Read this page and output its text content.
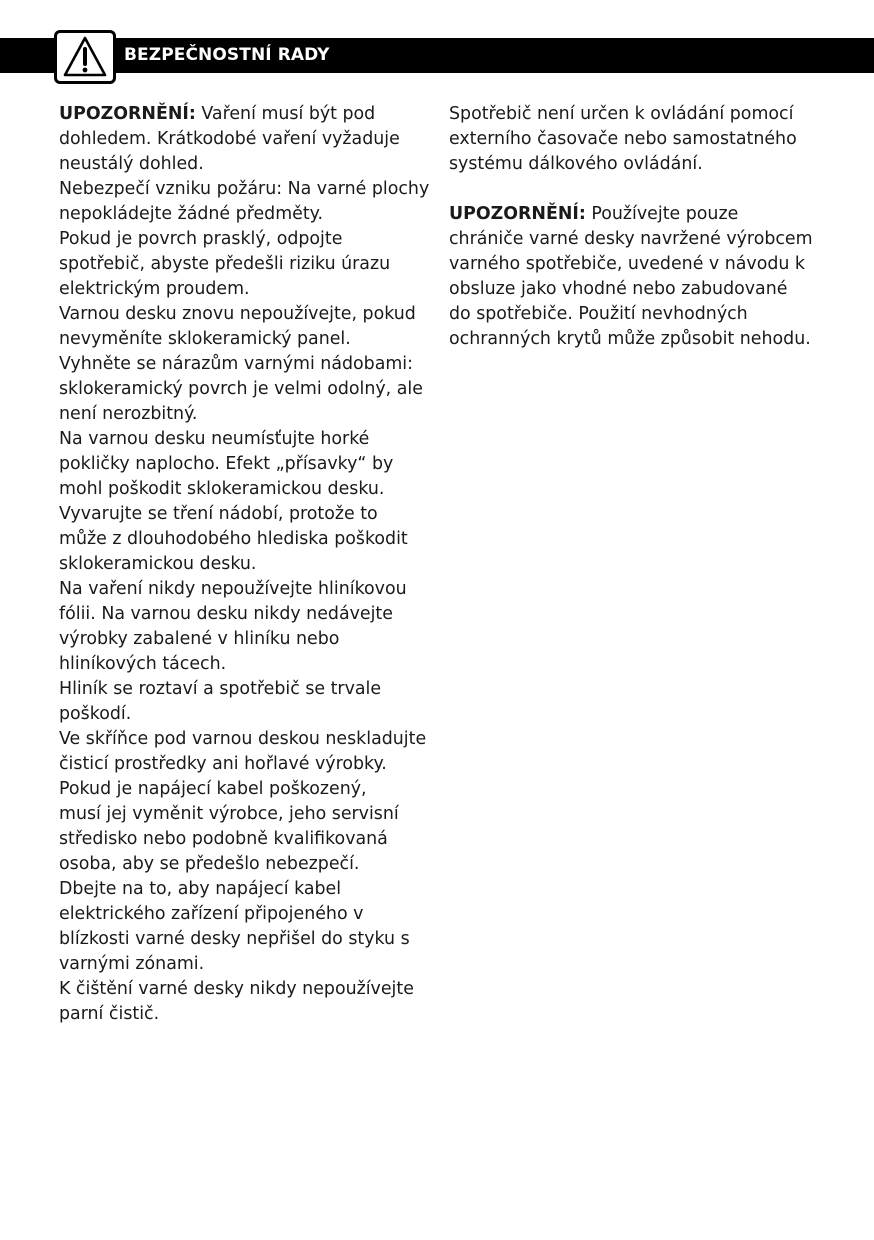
BEZPEČNOSTNÍ RADY

UPOZORNĚNÍ: Vaření musí být pod

dohledem. Krátkodobé vaření vyžaduje

neustálý dohled.

Nebezpečí vzniku požáru: Na varné plochy

nepokládejte žádné předměty.

Pokud je povrch prasklý, odpojte

spotřebič, abyste předešli riziku úrazu

elektrickým proudem.

Varnou desku znovu nepoužívejte, pokud

nevyměníte sklokeramický panel.

Vyhněte se nárazům varnými nádobami:

sklokeramický povrch je velmi odolný, ale

není nerozbitný.

Na varnou desku neumísťujte horké

pokličky naplocho. Efekt „přísavky“ by

mohl poškodit sklokeramickou desku.

Vyvarujte se tření nádobí, protože to

může z dlouhodobého hlediska poškodit

sklokeramickou desku.

Na vaření nikdy nepoužívejte hliníkovou

fólii. Na varnou desku nikdy nedávejte

výrobky zabalené v hliníku nebo

hliníkových tácech.

Hliník se roztaví a spotřebič se trvale

poškodí.

Ve skříňce pod varnou deskou neskladujte

čisticí prostředky ani hořlavé výrobky.

Pokud je napájecí kabel poškozený,

musí jej vyměnit výrobce, jeho servisní

středisko nebo podobně kvalifikovaná

osoba, aby se předešlo nebezpečí.

Dbejte na to, aby napájecí kabel

elektrického zařízení připojeného v

blízkosti varné desky nepřišel do styku s

varnými zónami.

K čištění varné desky nikdy nepoužívejte

parní čistič.

Spotřebič není určen k ovládání pomocí

externího časovače nebo samostatného

systému dálkového ovládání.

UPOZORNĚNÍ: Používejte pouze

chrániče varné desky navržené výrobcem

varného spotřebiče, uvedené v návodu k

obsluze jako vhodné nebo zabudované

do spotřebiče. Použití nevhodných

ochranných krytů může způsobit nehodu.
